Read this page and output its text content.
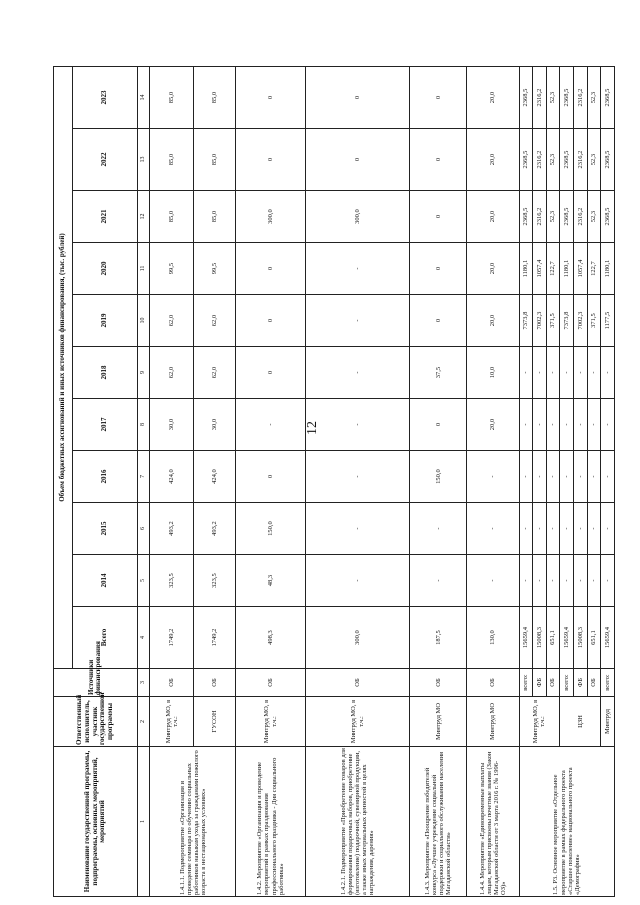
12
Наименование государственной программы, подпрограммы, основных мероприятий, мероприятий	Ответственный исполнитель, участник государственной программы	Источники финансирования	Объем бюджетных ассигнований и иных источников финансирования, (тыс. рублей)										
			Всего	2014	2015	2016	2017	2018	2019	2020	2021	2022	2023
1	2	3	4	5	6	7	8	9	10	11	12	13	14
1.4.1.1. Подмероприятие «Организация и проведение семинара по обучению социальных работников навыкам ухода за гражданами пожилого возраста в нестационарных условиях»	Минтруд МО, в т.ч.:	ОБ	1749,2	323,5	493,2	424,0	30,0	62,0	62,0	99,5	85,0	85,0	85,0
	ГУСОН	ОБ	1749,2	323,5	493,2	424,0	30,0	62,0	62,0	99,5	85,0	85,0	85,0
1.4.2. Мероприятие «Организация и проведение мероприятий в рамках празднования профессионального праздника - Дня социального работника»	Минтруд МО, в т.ч.:	ОБ	498,3	48,3	150,0	0	-	0	0	0	300,0	0	0
1.4.2.1. Подмероприятие «Приобретение товаров для формирования подарочных наборов, приобретение (изготовление) подарочной, сувенирной продукции, а также иных материальных ценностей в целях награждения, дарения»	Минтруд МО, в т.ч.:	ОБ	300,0	-	-	-	-	-	-	-	300,0	0	0
1.4.3. Мероприятие «Поощрение победителей конкурса «Лучшее учреждение социальной поддержки и социального обслуживания населения Магаданской области»	Минтруд МО	ОБ	187,5	-	-	150,0	0	37,5	0	0	0	0	0
1.4.4. Мероприятие «Единовременные выплаты лицам, которым присвоены почетные звания (Закон Магаданской области от 3 марта 2016 г. № 1996-ОЗ)»	Минтруд МО	ОБ	130,0	-	-	-	20,0	10,0	20,0	20,0	20,0	20,0	20,0
1.5. Р3. Основное мероприятие «Отдельное мероприятие в рамках федерального проекта «Старшее поколение» национального проекта «Демография»	Минтруд МО, в т.ч.:	всего:	15659,4	-	-	-	-	-	7373,8	1180,1	2368,5	2368,5	2368,5
		ФБ	15008,3	-	-	-	-	-	7002,3	1057,4	2316,2	2316,2	2316,2
		ОБ	651,1	-	-	-	-	-	371,5	122,7	52,3	52,3	52,3
	ЦЗН	всего:	15659,4	-	-	-	-	-	7373,8	1180,1	2368,5	2368,5	2368,5
		ФБ	15008,3	-	-	-	-	-	7002,3	1057,4	2316,2	2316,2	2316,2
		ОБ	651,1	-	-	-	-	-	371,5	122,7	52,3	52,3	52,3
	Минтруд	всего:	15659,4	-	-	-	-	-	1177,5	1180,1	2368,5	2368,5	2368,5
